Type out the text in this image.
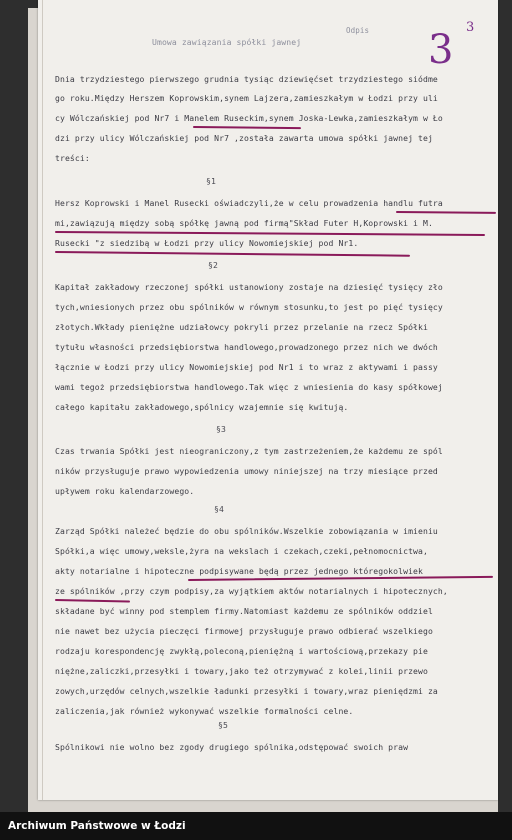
Odpis	3
3
Umowa zawiązania spółki jawnej
Dnia trzydziestego pierwszego grudnia tysiąc dziewięćset trzydziestego siódme
go roku.Między Herszem Koprowskim,synem Lajzera,zamieszkałym w Łodzi przy uli
cy Wólczańskiej pod Nr7 i Manelem Ruseckim,synem Joska-Lewka,zamieszkałym w Ło
dzi przy ulicy Wólczańskiej pod Nr7 ,została zawarta umowa spółki jawnej tej
treści:
§1
Hersz Koprowski i Manel Rusecki oświadczyli,że w celu prowadzenia handlu futra
mi,zawiązują między sobą spółkę jawną pod firmą"Skład Futer H,Koprowski i M.
Rusecki "z siedzibą w Łodzi przy ulicy Nowomiejskiej pod Nr1.
§2
Kapitał zakładowy rzeczonej spółki ustanowiony zostaje na dziesięć tysięcy zło
tych,wniesionych przez obu spólników w równym stosunku,to jest po pięć tysięcy
złotych.Wkłady pieniężne udziałowcy pokryli przez przelanie na rzecz Spółki
tytułu własności przedsiębiorstwa handlowego,prowadzonego przez nich we dwóch
łącznie w Łodzi przy ulicy Nowomiejskiej pod Nr1 i to wraz z aktywami i passy
wami tegoż przedsiębiorstwa handlowego.Tak więc z wniesienia do kasy spółkowej
całego kapitału zakładowego,spólnicy wzajemnie się kwitują.
§3
Czas trwania Spółki jest nieograniczony,z tym zastrzeżeniem,że każdemu ze spól
ników przysługuje prawo wypowiedzenia umowy niniejszej na trzy miesiące przed
upływem roku kalendarzowego.
§4
Zarząd Spółki należeć będzie do obu spólników.Wszelkie zobowiązania w imieniu
Spółki,a więc umowy,weksle,żyra na wekslach i czekach,czeki,pełnomocnictwa,
akty notarialne i hipoteczne podpisywane będą przez jednego któregokolwiek
ze spólników ,przy czym podpisy,za wyjątkiem aktów notarialnych i hipotecznych,
składane być winny pod stemplem firmy.Natomiast każdemu ze spólników oddziel
nie nawet bez użycia pieczęci firmowej przysługuje prawo odbierać wszelkiego
rodzaju korespondencję zwykłą,poleconą,pieniężną i wartościową,przekazy pie
niężne,zaliczki,przesyłki i towary,jako też otrzymywać z kolei,linii przewo
zowych,urzędów celnych,wszelkie ładunki przesyłki i towary,wraz pieniędzmi za
zaliczenia,jak również wykonywać wszelkie formalności celne.
§5
Spólnikowi nie wolno bez zgody drugiego spólnika,odstępować swoich praw
Archiwum Państwowe w Łodzi
